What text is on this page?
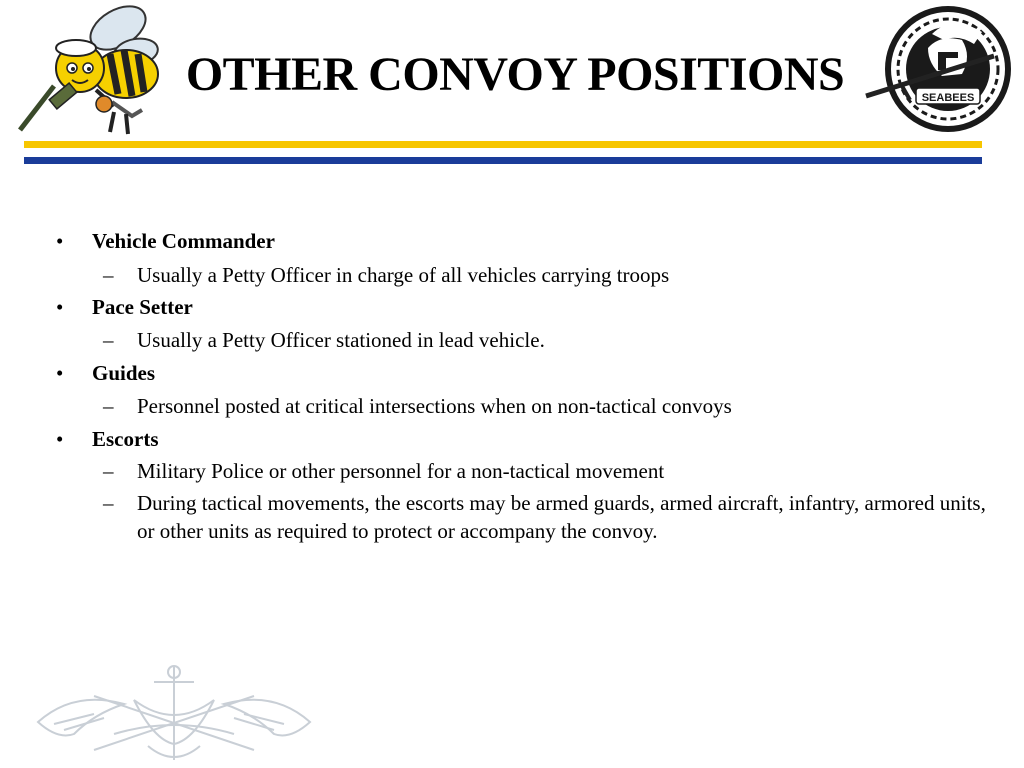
OTHER CONVOY POSITIONS	SEABEES
• Vehicle Commander
– Usually a Petty Officer in charge of all vehicles carrying troops
• Pace Setter
– Usually a Petty Officer stationed in lead vehicle.
• Guides
– Personnel posted at critical intersections when on non-tactical convoys
• Escorts
– Military Police or other personnel for a non-tactical movement
– During tactical movements, the escorts may be armed guards, armed aircraft, infantry, armored units, or other units as required to protect or accompany the convoy.
